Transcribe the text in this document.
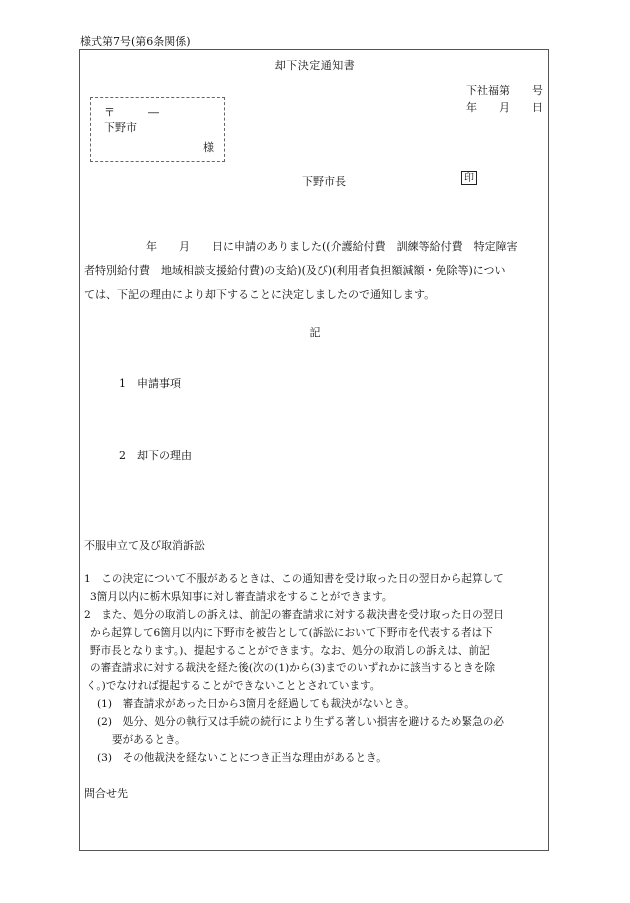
様式第7号(第6条関係)
却下決定通知書
下社福第　　号
年　　月　　日
〒　　　―
下野市
様
下野市長	印
年　　月　　日に申請のありました((介護給付費　訓練等給付費　特定障害
者特別給付費　地域相談支援給付費)の支給)(及び)(利用者負担額減額・免除等)につい
ては、下記の理由により却下することに決定しましたので通知します。
記
1　申請事項
2　却下の理由
不服申立て及び取消訴訟
1　この決定について不服があるときは、この通知書を受け取った日の翌日から起算して
3箇月以内に栃木県知事に対し審査請求をすることができます。
2　また、処分の取消しの訴えは、前記の審査請求に対する裁決書を受け取った日の翌日
から起算して6箇月以内に下野市を被告として(訴訟において下野市を代表する者は下
野市長となります。)、提起することができます。なお、処分の取消しの訴えは、前記
の審査請求に対する裁決を経た後(次の(1)から(3)までのいずれかに該当するときを除
く。)でなければ提起することができないこととされています。
(1)　審査請求があった日から3箇月を経過しても裁決がないとき。
(2)　処分、処分の執行又は手続の続行により生ずる著しい損害を避けるため緊急の必
要があるとき。
(3)　その他裁決を経ないことにつき正当な理由があるとき。
問合せ先
